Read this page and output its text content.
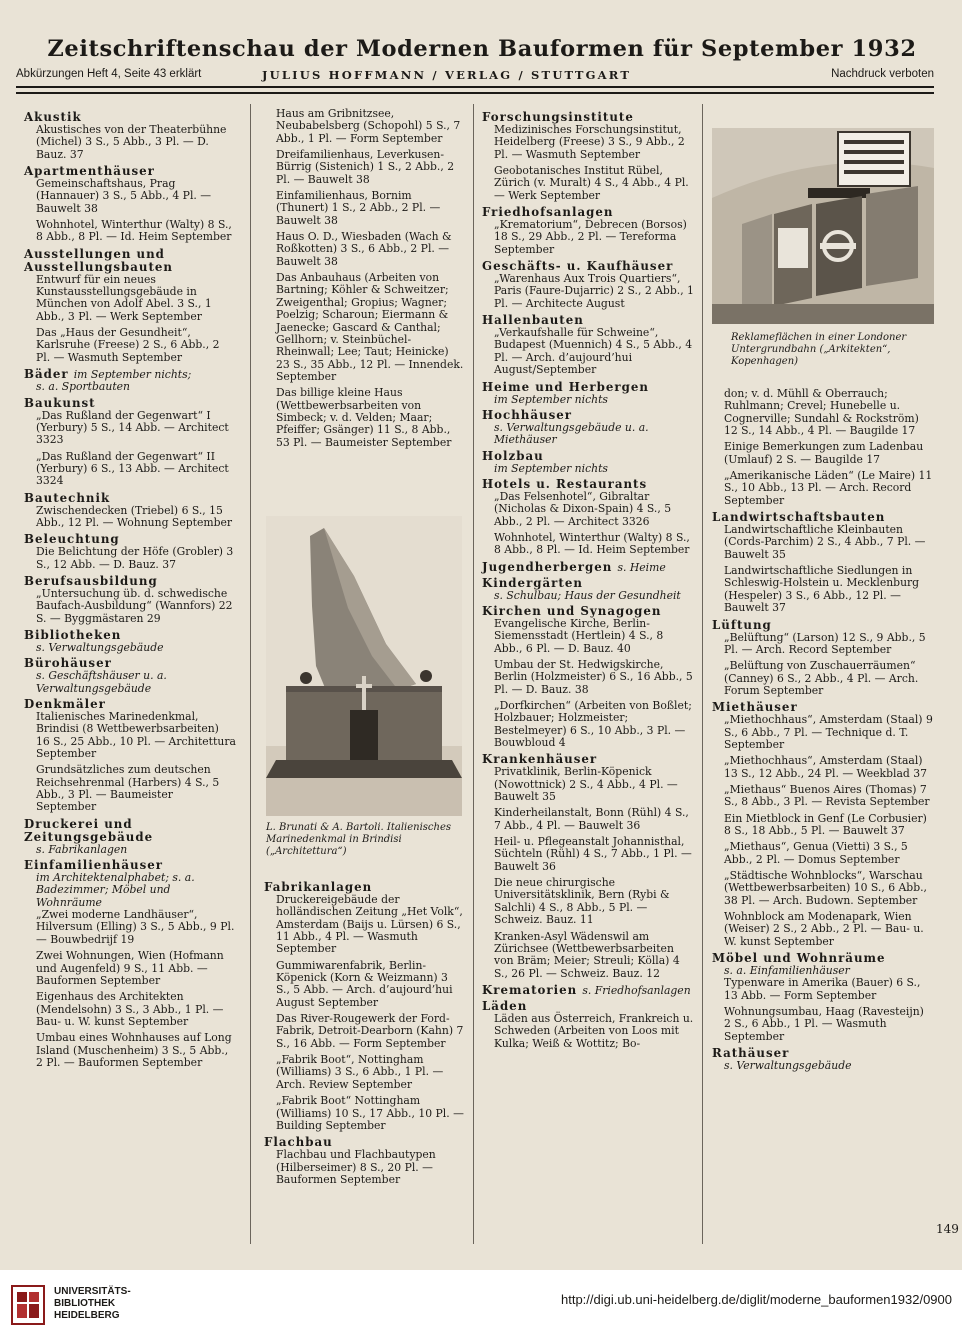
Zeitschriftenschau der Modernen Bauformen für September 1932
Abkürzungen Heft 4, Seite 43 erklärt	JULIUS HOFFMANN / VERLAG / STUTTGART	Nachdruck verboten
Akustik
Akustisches von der Theaterbühne (Michel) 3 S., 5 Abb., 3 Pl. — D. Bauz. 37
Apartmenthäuser
Gemeinschaftshaus, Prag (Hannauer) 3 S., 5 Abb., 4 Pl. — Bauwelt 38
Wohnhotel, Winterthur (Walty) 8 S., 8 Abb., 8 Pl. — Id. Heim September
Ausstellungen und Ausstellungsbauten
Entwurf für ein neues Kunstausstellungsgebäude in München von Adolf Abel. 3 S., 1 Abb., 3 Pl. — Werk September
Das „Haus der Gesundheit“, Karlsruhe (Freese) 2 S., 6 Abb., 2 Pl. — Wasmuth September
Bäder im September nichts;
s. a. Sportbauten
Baukunst
„Das Rußland der Gegenwart“ I (Yerbury) 5 S., 14 Abb. — Architect 3323
„Das Rußland der Gegenwart“ II (Yerbury) 6 S., 13 Abb. — Architect 3324
Bautechnik
Zwischendecken (Triebel) 6 S., 15 Abb., 12 Pl. — Wohnung September
Beleuchtung
Die Belichtung der Höfe (Grobler) 3 S., 12 Abb. — D. Bauz. 37
Berufsausbildung
„Untersuchung üb. d. schwedische Baufach-Ausbildung“ (Wannfors) 22 S. — Byggmästaren 29
Bibliotheken
s. Verwaltungsgebäude
Bürohäuser
s. Geschäftshäuser u. a. Verwaltungsgebäude
Denkmäler
Italienisches Marinedenkmal, Brindisi (8 Wettbewerbsarbeiten) 16 S., 25 Abb., 10 Pl. — Architettura September
Grundsätzliches zum deutschen Reichsehrenmal (Harbers) 4 S., 5 Abb., 3 Pl. — Baumeister September
Druckerei und Zeitungsgebäude
s. Fabrikanlagen
Einfamilienhäuser
im Architektenalphabet; s. a. Badezimmer; Möbel und Wohnräume
„Zwei moderne Landhäuser“, Hilversum (Elling) 3 S., 5 Abb., 9 Pl. — Bouwbedrijf 19
Zwei Wohnungen, Wien (Hofmann und Augenfeld) 9 S., 11 Abb. — Bauformen September
Eigenhaus des Architekten (Mendelsohn) 3 S., 3 Abb., 1 Pl. — Bau- u. W. kunst September
Umbau eines Wohnhauses auf Long Island (Muschenheim) 3 S., 5 Abb., 2 Pl. — Bauformen September
Haus am Gribnitzsee, Neubabelsberg (Schopohl) 5 S., 7 Abb., 1 Pl. — Form September
Dreifamilienhaus, Leverkusen-Bürrig (Sistenich) 1 S., 2 Abb., 2 Pl. — Bauwelt 38
Einfamilienhaus, Bornim (Thunert) 1 S., 2 Abb., 2 Pl. — Bauwelt 38
Haus O. D., Wiesbaden (Wach & Roßkotten) 3 S., 6 Abb., 2 Pl. — Bauwelt 38
Das Anbauhaus (Arbeiten von Bartning; Köhler & Schweitzer; Zweigenthal; Gropius; Wagner; Poelzig; Scharoun; Eiermann & Jaenecke; Gascard & Canthal; Gellhorn; v. Steinbüchel-Rheinwall; Lee; Taut; Heinicke) 23 S., 35 Abb., 12 Pl. — Innendek. September
Das billige kleine Haus (Wettbewerbsarbeiten von Simbeck; v. d. Velden; Maar; Pfeiffer; Gsänger) 11 S., 8 Abb., 53 Pl. — Baumeister September
L. Brunati & A. Bartoli. Italienisches Marinedenkmal in Brindisi („Architettura“)
Fabrikanlagen
Druckereigebäude der holländischen Zeitung „Het Volk“, Amsterdam (Baijs u. Lürsen) 6 S., 11 Abb., 4 Pl. — Wasmuth September
Gummiwarenfabrik, Berlin-Köpenick (Korn & Weizmann) 3 S., 5 Abb. — Arch. d’aujourd’hui August September
Das River-Rougewerk der Ford-Fabrik, Detroit-Dearborn (Kahn) 7 S., 16 Abb. — Form September
„Fabrik Boot“, Nottingham (Williams) 3 S., 6 Abb., 1 Pl. — Arch. Review September
„Fabrik Boot“ Nottingham (Williams) 10 S., 17 Abb., 10 Pl. — Building September
Flachbau
Flachbau und Flachbautypen (Hilberseimer) 8 S., 20 Pl. — Bauformen September
Forschungsinstitute
Medizinisches Forschungsinstitut, Heidelberg (Freese) 3 S., 9 Abb., 2 Pl. — Wasmuth September
Geobotanisches Institut Rübel, Zürich (v. Muralt) 4 S., 4 Abb., 4 Pl. — Werk September
Friedhofsanlagen
„Krematorium“, Debrecen (Borsos) 18 S., 29 Abb., 2 Pl. — Tereforma September
Geschäfts- u. Kaufhäuser
„Warenhaus Aux Trois Quartiers“, Paris (Faure-Dujarric) 2 S., 2 Abb., 1 Pl. — Architecte August
Hallenbauten
„Verkaufshalle für Schweine“, Budapest (Muennich) 4 S., 5 Abb., 4 Pl. — Arch. d’aujourd’hui August/September
Heime und Herbergen
im September nichts
Hochhäuser
s. Verwaltungsgebäude u. a. Miethäuser
Holzbau
im September nichts
Hotels u. Restaurants
„Das Felsenhotel“, Gibraltar (Nicholas & Dixon-Spain) 4 S., 5 Abb., 2 Pl. — Architect 3326
Wohnhotel, Winterthur (Walty) 8 S., 8 Abb., 8 Pl. — Id. Heim September
Jugendherbergen s. Heime
Kindergärten
s. Schulbau; Haus der Gesundheit
Kirchen und Synagogen
Evangelische Kirche, Berlin-Siemensstadt (Hertlein) 4 S., 8 Abb., 6 Pl. — D. Bauz. 40
Umbau der St. Hedwigskirche, Berlin (Holzmeister) 6 S., 16 Abb., 5 Pl. — D. Bauz. 38
„Dorfkirchen“ (Arbeiten von Boßlet; Holzbauer; Holzmeister; Bestelmeyer) 6 S., 10 Abb., 3 Pl. — Bouwbloud 4
Krankenhäuser
Privatklinik, Berlin-Köpenick (Nowottnick) 2 S., 4 Abb., 4 Pl. — Bauwelt 35
Kinderheilanstalt, Bonn (Rühl) 4 S., 7 Abb., 4 Pl. — Bauwelt 36
Heil- u. Pflegeanstalt Johannisthal, Süchteln (Rühl) 4 S., 7 Abb., 1 Pl. — Bauwelt 36
Die neue chirurgische Universitätsklinik, Bern (Rybi & Salchli) 4 S., 8 Abb., 5 Pl. — Schweiz. Bauz. 11
Kranken-Asyl Wädenswil am Zürichsee (Wettbewerbsarbeiten von Bräm; Meier; Streuli; Kölla) 4 S., 26 Pl. — Schweiz. Bauz. 12
Krematorien s. Friedhofsanlagen
Läden
Läden aus Österreich, Frankreich u. Schweden (Arbeiten von Loos mit Kulka; Weiß & Wottitz; Bo-
Reklameflächen in einer Londoner Untergrundbahn („Arkitekten“, Kopenhagen)
don; v. d. Mühll & Oberrauch; Ruhlmann; Crevel; Hunebelle u. Cognerville; Sundahl & Rockström) 12 S., 14 Abb., 4 Pl. — Baugilde 17
Einige Bemerkungen zum Ladenbau (Umlauf) 2 S. — Baugilde 17
„Amerikanische Läden“ (Le Maire) 11 S., 10 Abb., 13 Pl. — Arch. Record September
Landwirtschaftsbauten
Landwirtschaftliche Kleinbauten (Cords-Parchim) 2 S., 4 Abb., 7 Pl. — Bauwelt 35
Landwirtschaftliche Siedlungen in Schleswig-Holstein u. Mecklenburg (Hespeler) 3 S., 6 Abb., 12 Pl. — Bauwelt 37
Lüftung
„Belüftung“ (Larson) 12 S., 9 Abb., 5 Pl. — Arch. Record September
„Belüftung von Zuschauerräumen“ (Canney) 6 S., 2 Abb., 4 Pl. — Arch. Forum September
Miethäuser
„Miethochhaus“, Amsterdam (Staal) 9 S., 6 Abb., 7 Pl. — Technique d. T. September
„Miethochhaus“, Amsterdam (Staal) 13 S., 12 Abb., 24 Pl. — Weekblad 37
„Miethaus“ Buenos Aires (Thomas) 7 S., 8 Abb., 3 Pl. — Revista September
Ein Mietblock in Genf (Le Corbusier) 8 S., 18 Abb., 5 Pl. — Bauwelt 37
„Miethaus“, Genua (Vietti) 3 S., 5 Abb., 2 Pl. — Domus September
„Städtische Wohnblocks“, Warschau (Wettbewerbsarbeiten) 10 S., 6 Abb., 38 Pl. — Arch. Budown. September
Wohnblock am Modenapark, Wien (Weiser) 2 S., 2 Abb., 2 Pl. — Bau- u. W. kunst September
Möbel und Wohnräume
s. a. Einfamilienhäuser
Typenware in Amerika (Bauer) 6 S., 13 Abb. — Form September
Wohnungsumbau, Haag (Ravesteijn) 2 S., 6 Abb., 1 Pl. — Wasmuth September
Rathäuser
s. Verwaltungsgebäude
149
UNIVERSITÄTS-
BIBLIOTHEK
HEIDELBERG
http://digi.ub.uni-heidelberg.de/diglit/moderne_bauformen1932/0900
